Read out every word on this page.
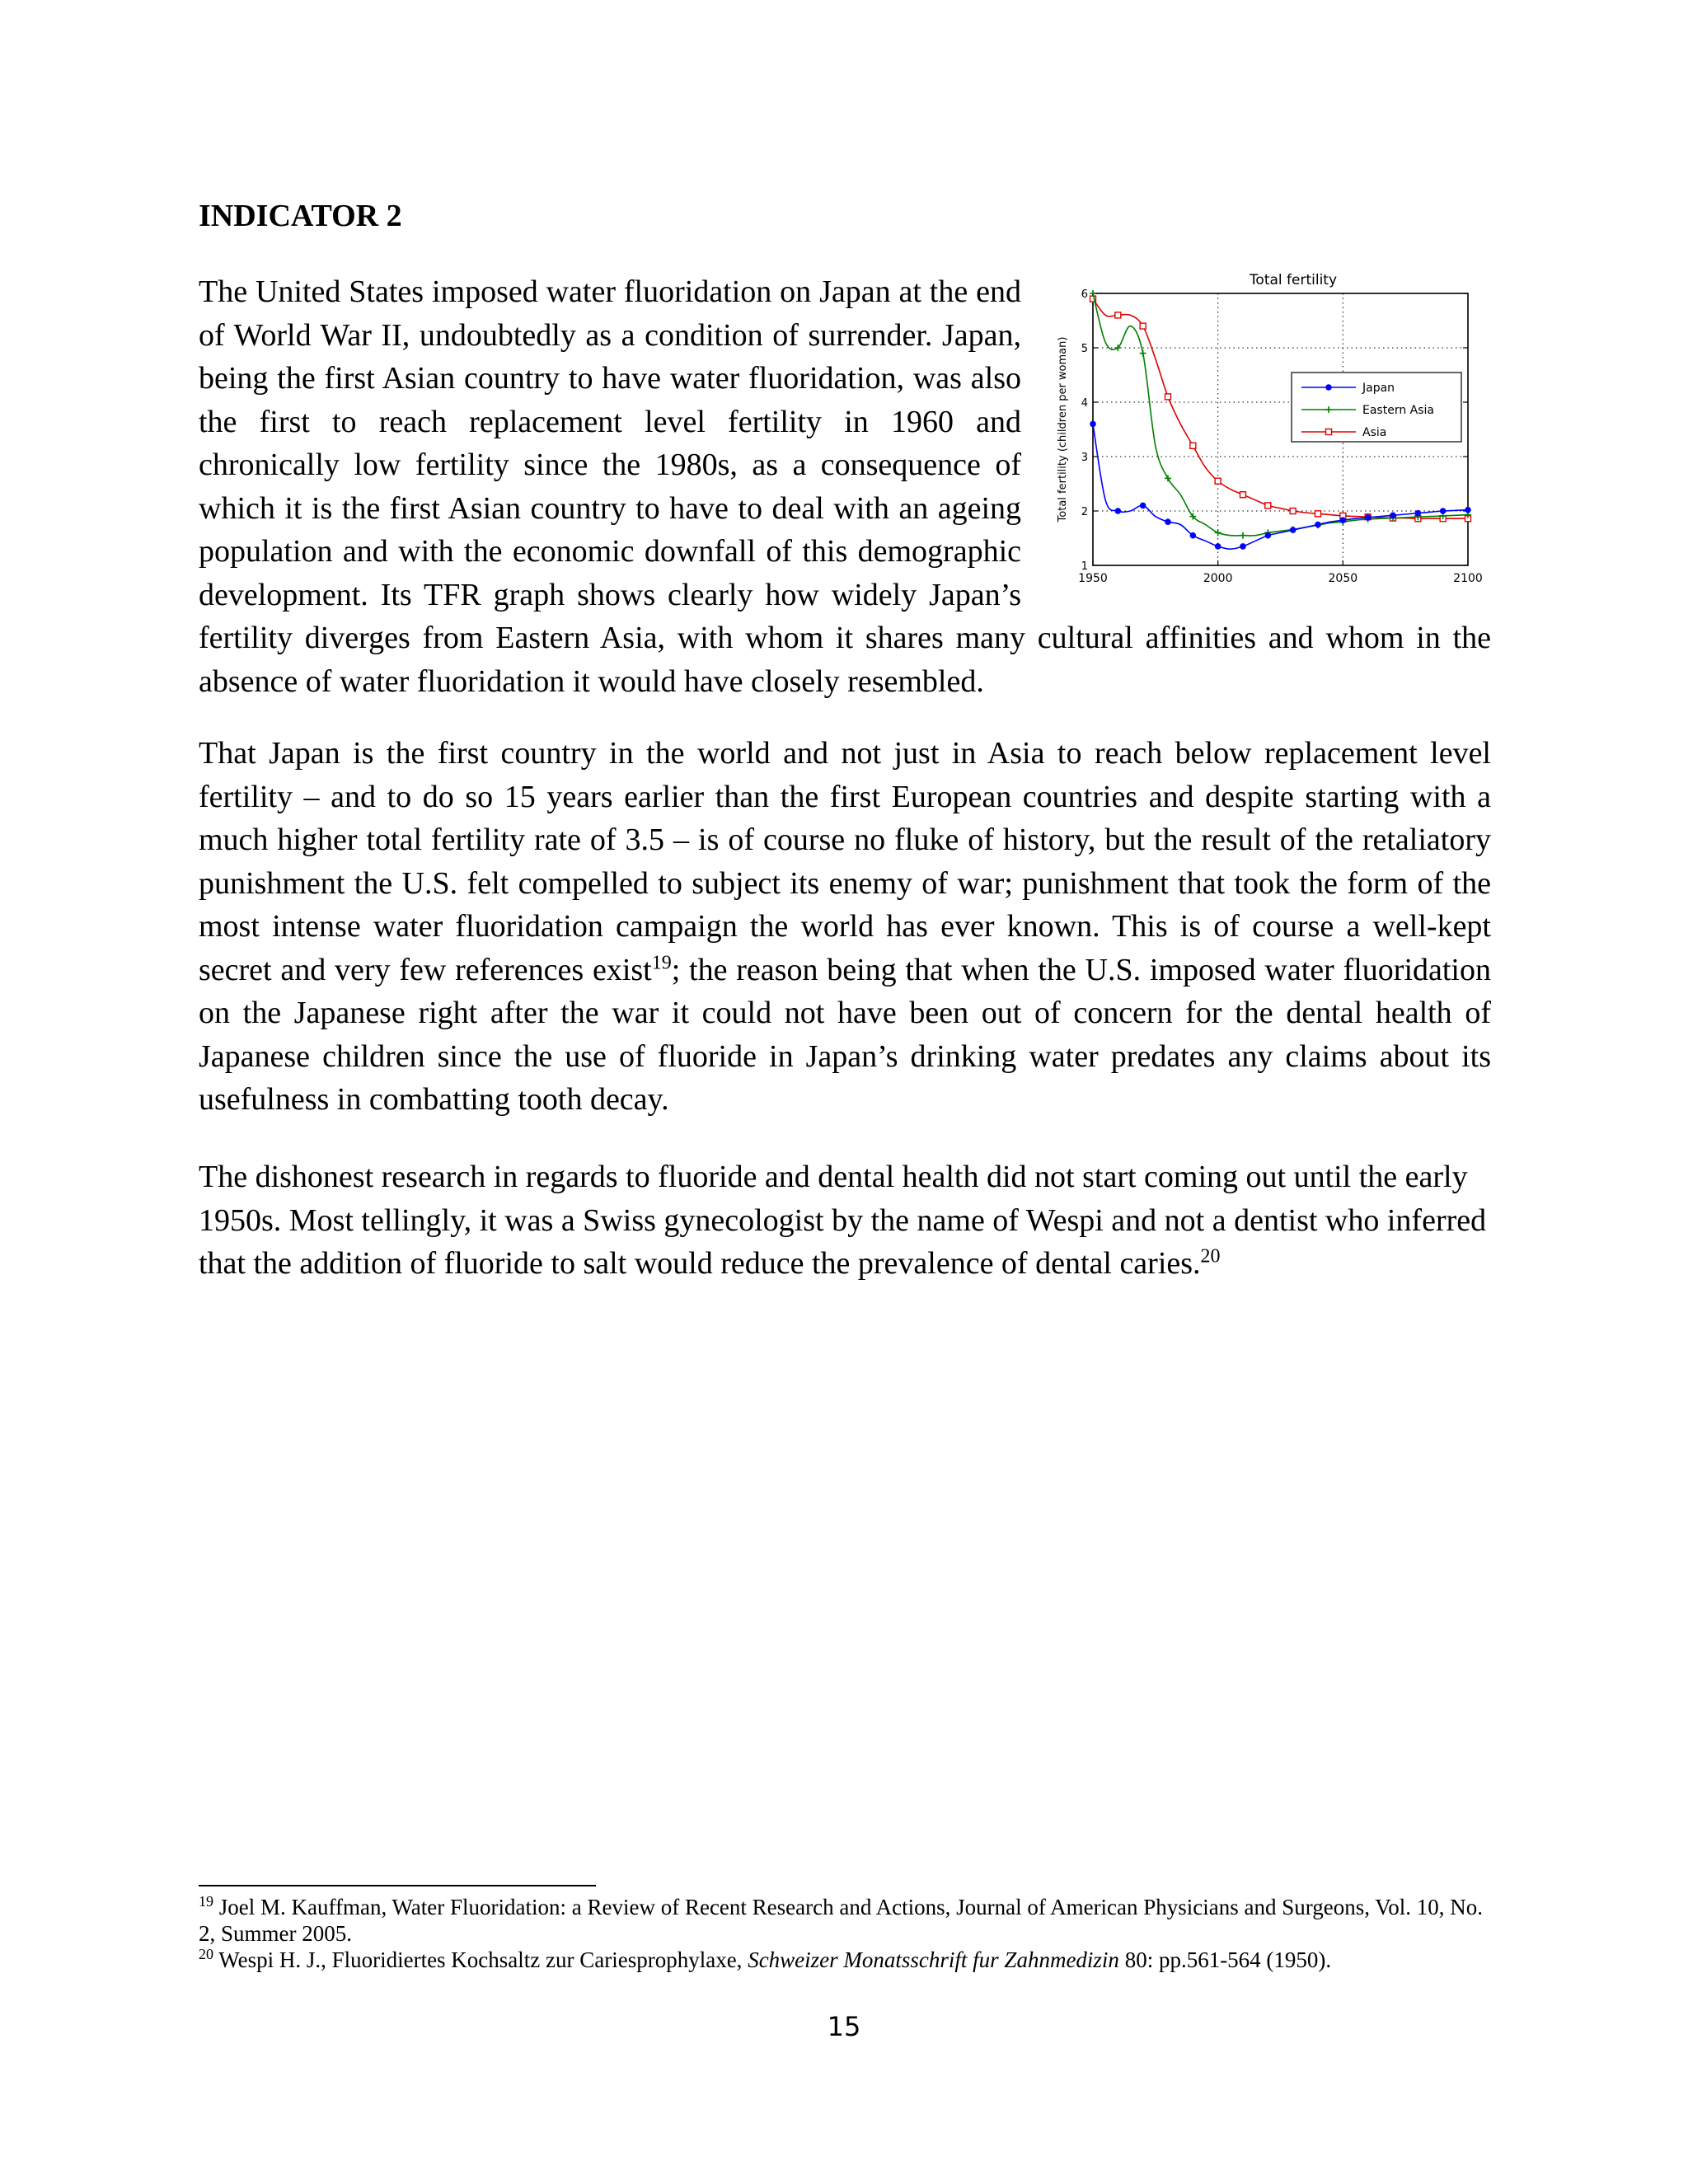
INDICATOR 2

Total fertility
1
2
3
4
5
6
1950	2000	2050	2100
Total fertility (children per woman)	Japan
Eastern Asia
Asia
The United States imposed water fluoridation on Japan at the end of World War II, undoubtedly as a condition of surrender. Japan, being the first Asian country to have water fluoridation, was also the first to reach replacement level fertility in 1960 and chronically low fertility since the 1980s, as a consequence of which it is the first Asian country to have to deal with an ageing population and with the economic downfall of this demographic development. Its TFR graph shows clearly how widely Japan’s fertility diverges from Eastern Asia, with whom it shares many cultural affinities and whom in the absence of water fluoridation it would have closely resembled.

That Japan is the first country in the world and not just in Asia to reach below replacement level fertility – and to do so 15 years earlier than the first European countries and despite starting with a much higher total fertility rate of 3.5 – is of course no fluke of history, but the result of the retaliatory punishment the U.S. felt compelled to subject its enemy of war; punishment that took the form of the most intense water fluoridation campaign the world has ever known. This is of course a well-kept secret and very few references exist$^{19}$; the reason being that when the U.S. imposed water fluoridation on the Japanese right after the war it could not have been out of concern for the dental health of Japanese children since the use of fluoride in Japan’s drinking water predates any claims about its usefulness in combatting tooth decay.

The dishonest research in regards to fluoride and dental health did not start coming out until the early 1950s. Most tellingly, it was a Swiss gynecologist by the name of Wespi and not a dentist who inferred that the addition of fluoride to salt would reduce the prevalence of dental caries.$^{20}$

$^{19}$ Joel M. Kauffman, Water Fluoridation: a Review of Recent Research and Actions, Journal of American Physicians and Surgeons, Vol. 10, No. 2, Summer 2005.

$^{20}$ Wespi H. J., Fluoridiertes Kochsaltz zur Cariesprophylaxe, Schweizer Monatsschrift fur Zahnmedizin 80: pp.561-564 (1950).

15
